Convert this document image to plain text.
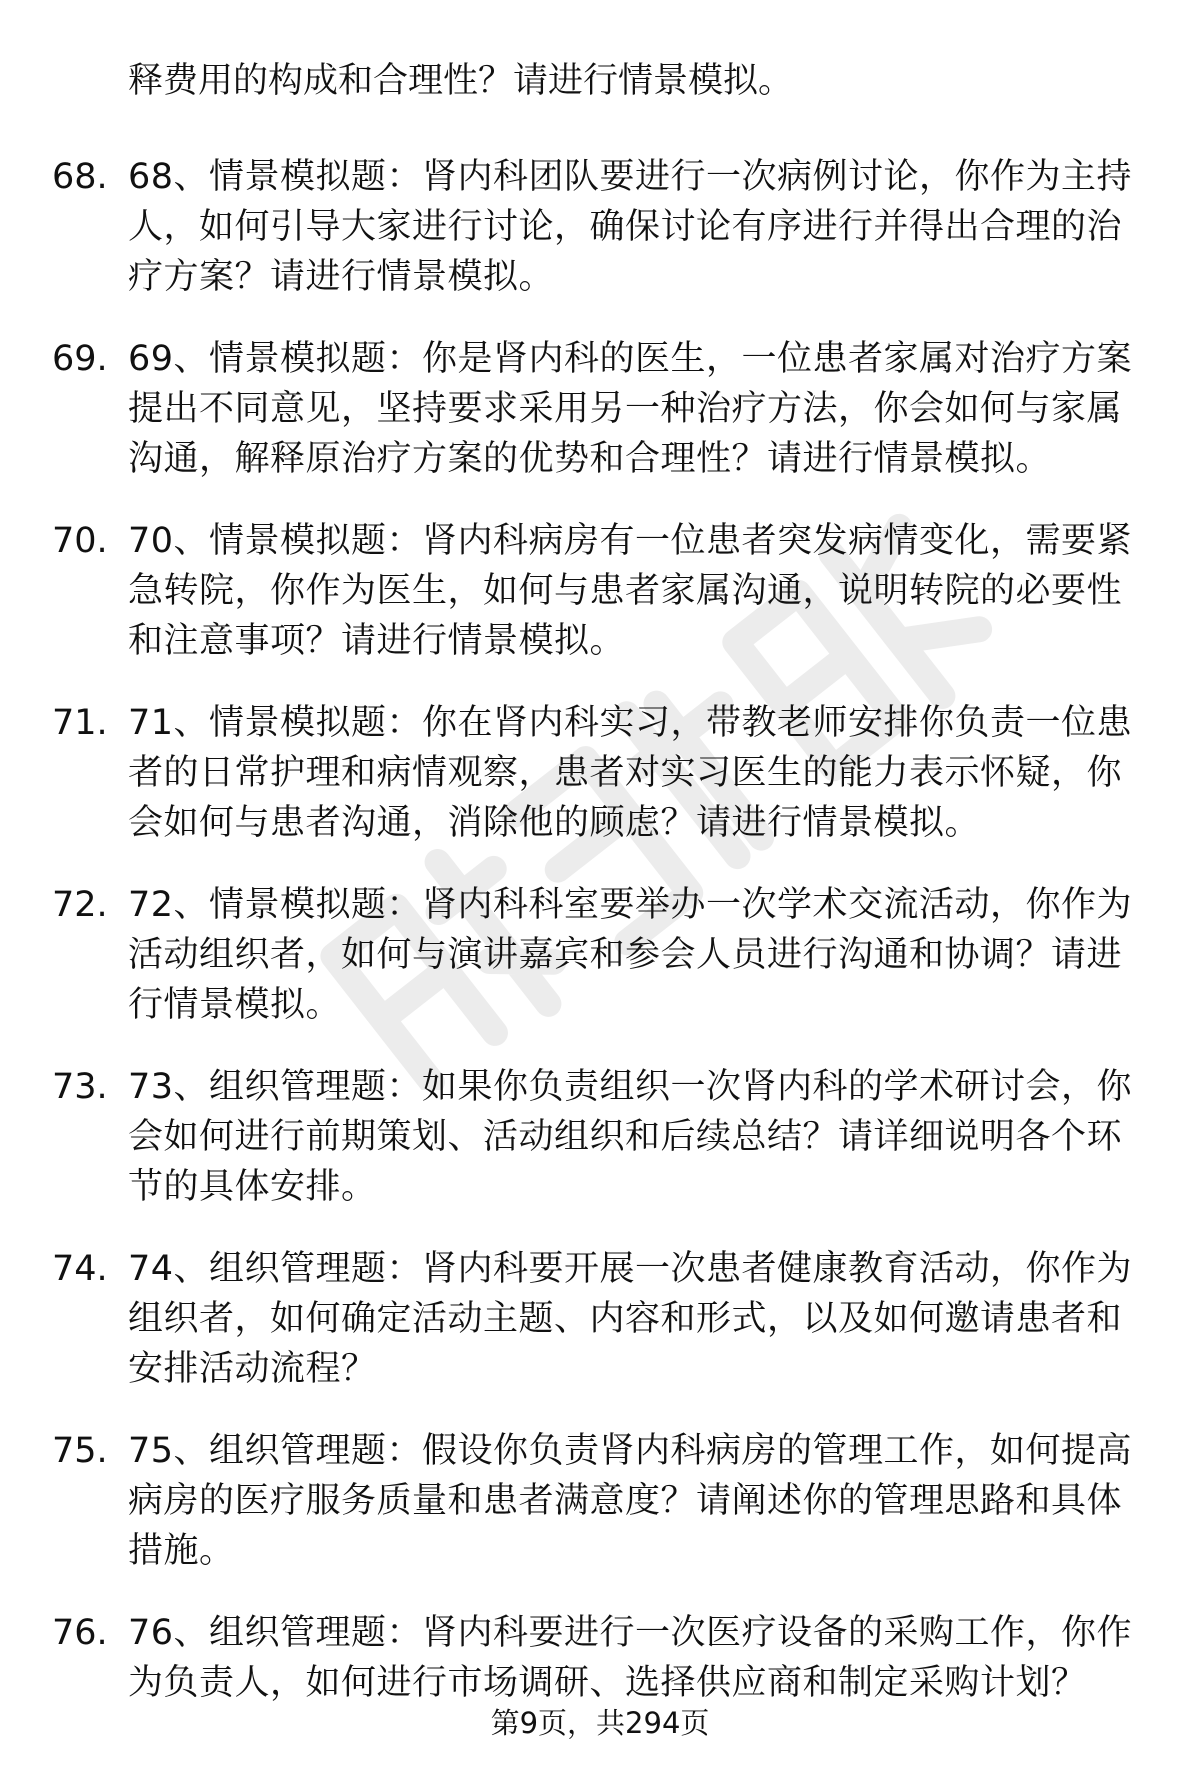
释费用的构成和合理性？请进行情景模拟。
68. 68、情景模拟题：肾内科团队要进行一次病例讨论，你作为主持人，如何引导大家进行讨论，确保讨论有序进行并得出合理的治疗方案？请进行情景模拟。
69. 69、情景模拟题：你是肾内科的医生，一位患者家属对治疗方案提出不同意见，坚持要求采用另一种治疗方法，你会如何与家属沟通，解释原治疗方案的优势和合理性？请进行情景模拟。
70. 70、情景模拟题：肾内科病房有一位患者突发病情变化，需要紧急转院，你作为医生，如何与患者家属沟通，说明转院的必要性和注意事项？请进行情景模拟。
71. 71、情景模拟题：你在肾内科实习，带教老师安排你负责一位患者的日常护理和病情观察，患者对实习医生的能力表示怀疑，你会如何与患者沟通，消除他的顾虑？请进行情景模拟。
72. 72、情景模拟题：肾内科科室要举办一次学术交流活动，你作为活动组织者，如何与演讲嘉宾和参会人员进行沟通和协调？请进行情景模拟。
73. 73、组织管理题：如果你负责组织一次肾内科的学术研讨会，你会如何进行前期策划、活动组织和后续总结？请详细说明各个环节的具体安排。
74. 74、组织管理题：肾内科要开展一次患者健康教育活动，你作为组织者，如何确定活动主题、内容和形式，以及如何邀请患者和安排活动流程？
75. 75、组织管理题：假设你负责肾内科病房的管理工作，如何提高病房的医疗服务质量和患者满意度？请阐述你的管理思路和具体措施。
76. 76、组织管理题：肾内科要进行一次医疗设备的采购工作，你作为负责人，如何进行市场调研、选择供应商和制定采购计划？
第9页，共294页
